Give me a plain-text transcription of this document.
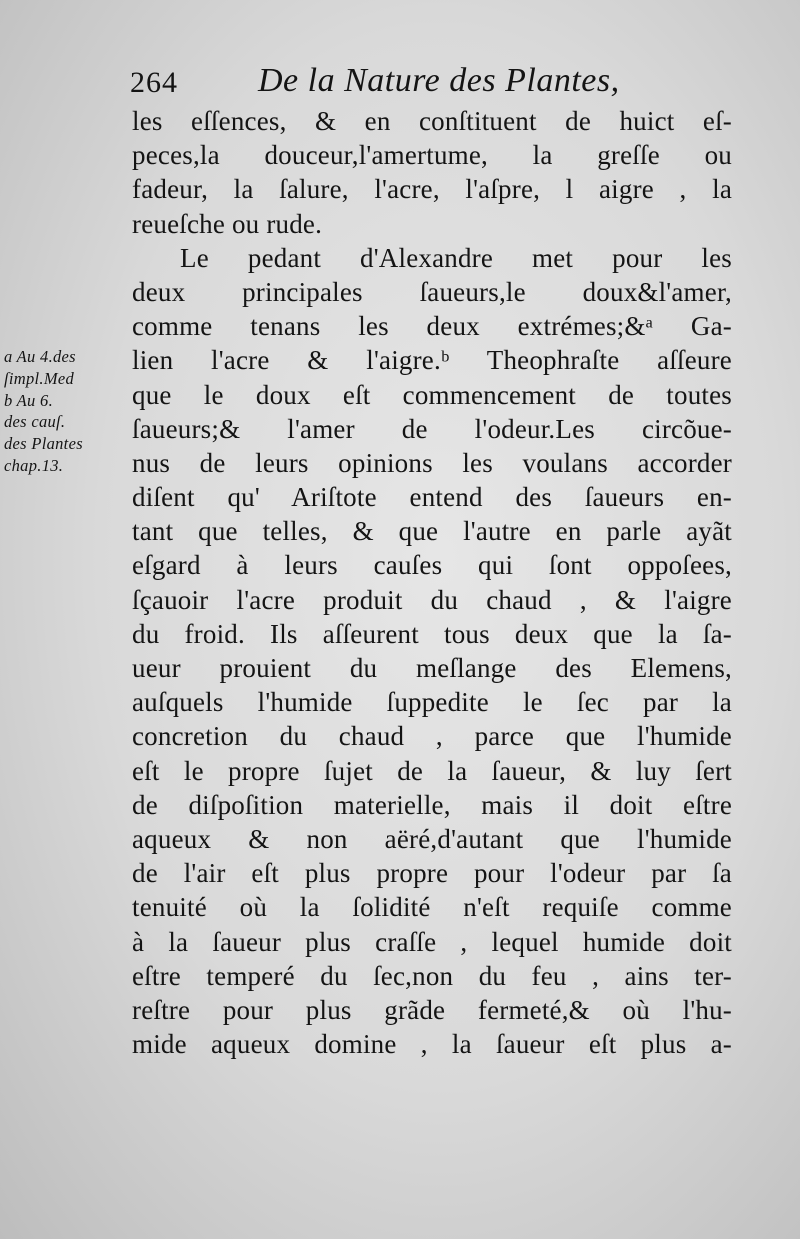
264 De la Nature des Plantes,
les eſſences, & en conſtituent de huict eſ-
peces,la douceur,l'amertume, la greſſe ou
fadeur, la ſalure, l'acre, l'aſpre, l aigre , la
reueſche ou rude.
Le pedant d'Alexandre met pour les
deux principales ſaueurs,le doux&l'amer,
comme tenans les deux extrémes;&ᵃ Ga-
lien l'acre & l'aigre.ᵇ Theophraſte aſſeure
que le doux eſt commencement de toutes
ſaueurs;& l'amer de l'odeur.Les circõue-
nus de leurs opinions les voulans accorder
diſent qu' Ariſtote entend des ſaueurs en-
tant que telles, & que l'autre en parle ayãt
eſgard à leurs cauſes qui ſont oppoſees,
ſçauoir l'acre produit du chaud , & l'aigre
du froid. Ils aſſeurent tous deux que la ſa-
ueur prouient du meſlange des Elemens,
auſquels l'humide ſuppedite le ſec par la
concretion du chaud , parce que l'humide
eſt le propre ſujet de la ſaueur, & luy ſert
de diſpoſition materielle, mais il doit eſtre
aqueux & non aëré,d'autant que l'humide
de l'air eſt plus propre pour l'odeur par ſa
tenuité où la ſolidité n'eſt requiſe comme
à la ſaueur plus craſſe , lequel humide doit
eſtre temperé du ſec,non du feu , ains ter-
reſtre pour plus grãde fermeté,& où l'hu-
mide aqueux domine , la ſaueur eſt plus a-
a Au 4.des
ſimpl.Med
b Au 6.
des cauſ.
des Plantes
chap.13.
